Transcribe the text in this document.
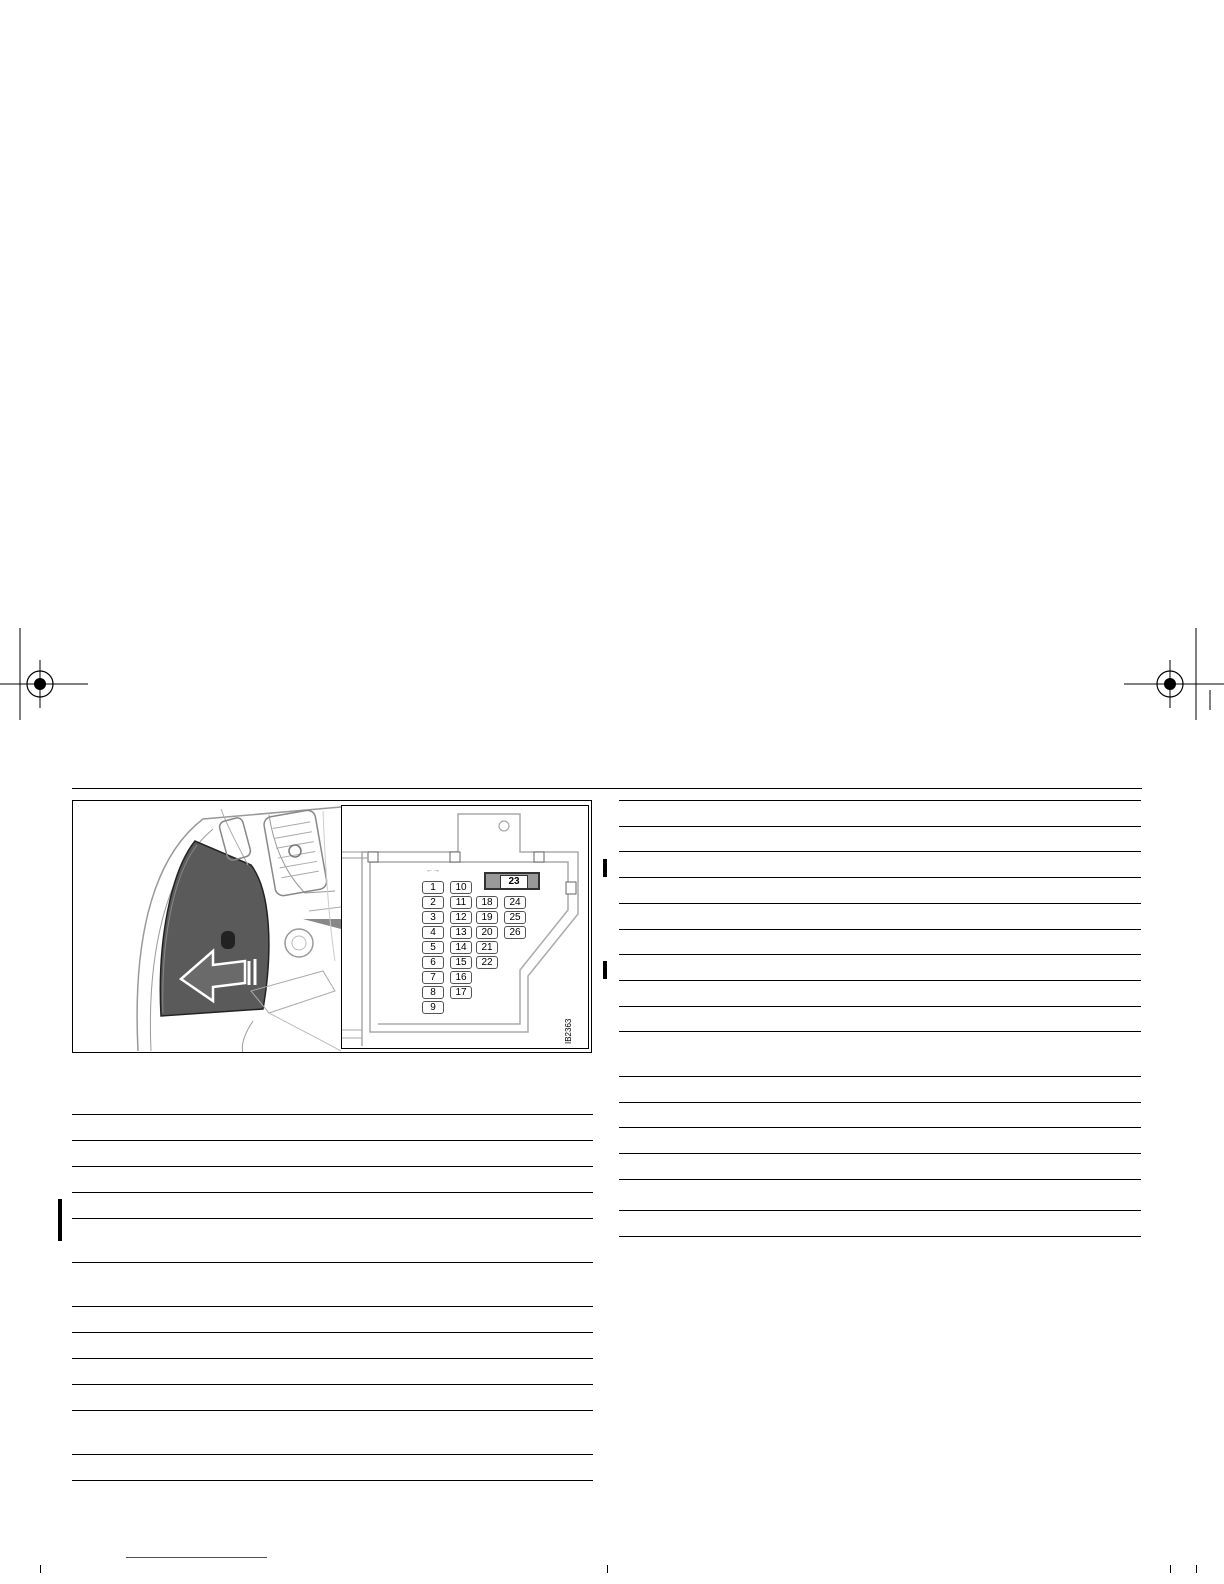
←→
1
2
3
4
5
6
7
8
9
10
11
12
13
14
15
16
17
18
19
20
21
22
24
25
26
23
IB2363
